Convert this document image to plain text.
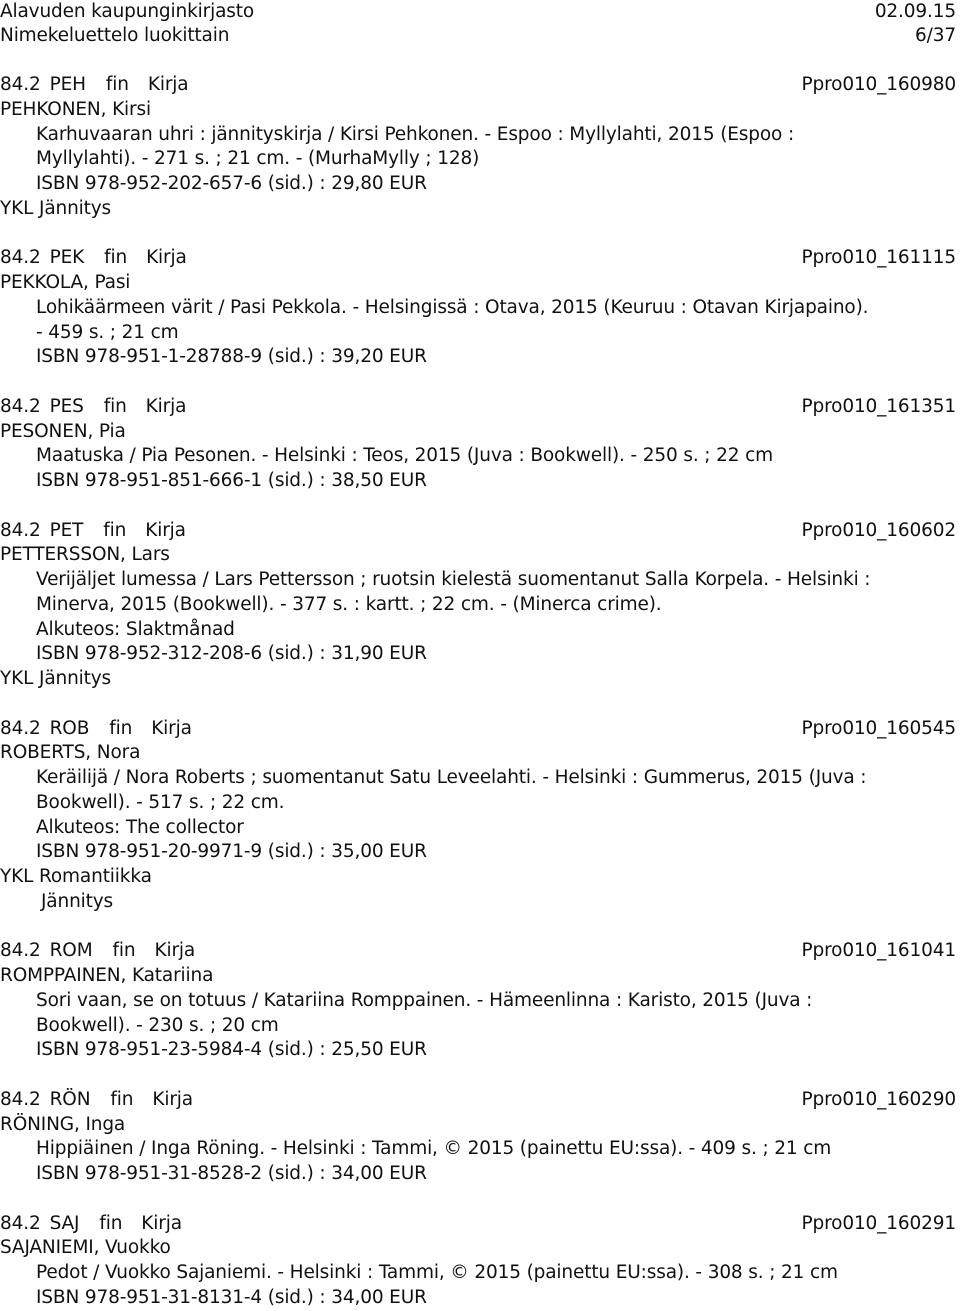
Alavuden kaupunginkirjasto	02.09.15
Nimekeluettelo luokittain	6/37
84.2 PEH fin Kirja	Ppro010_160980
PEHKONEN, Kirsi
Karhuvaaran uhri : jännityskirja / Kirsi Pehkonen. - Espoo : Myllylahti, 2015 (Espoo :
Myllylahti). - 271 s. ; 21 cm. - (MurhaMylly ; 128)
ISBN 978-952-202-657-6 (sid.) : 29,80 EUR
YKL Jännitys
84.2 PEK fin Kirja	Ppro010_161115
PEKKOLA, Pasi
Lohikäärmeen värit / Pasi Pekkola. - Helsingissä : Otava, 2015 (Keuruu : Otavan Kirjapaino).
- 459 s. ; 21 cm
ISBN 978-951-1-28788-9 (sid.) : 39,20 EUR
84.2 PES fin Kirja	Ppro010_161351
PESONEN, Pia
Maatuska / Pia Pesonen. - Helsinki : Teos, 2015 (Juva : Bookwell). - 250 s. ; 22 cm
ISBN 978-951-851-666-1 (sid.) : 38,50 EUR
84.2 PET fin Kirja	Ppro010_160602
PETTERSSON, Lars
Verijäljet lumessa / Lars Pettersson ; ruotsin kielestä suomentanut Salla Korpela. - Helsinki :
Minerva, 2015 (Bookwell). - 377 s. : kartt. ; 22 cm. - (Minerca crime).
Alkuteos: Slaktmånad
ISBN 978-952-312-208-6 (sid.) : 31,90 EUR
YKL Jännitys
84.2 ROB fin Kirja	Ppro010_160545
ROBERTS, Nora
Keräilijä / Nora Roberts ; suomentanut Satu Leveelahti. - Helsinki : Gummerus, 2015 (Juva :
Bookwell). - 517 s. ; 22 cm.
Alkuteos: The collector
ISBN 978-951-20-9971-9 (sid.) : 35,00 EUR
YKL Romantiikka
Jännitys
84.2 ROM fin Kirja	Ppro010_161041
ROMPPAINEN, Katariina
Sori vaan, se on totuus / Katariina Romppainen. - Hämeenlinna : Karisto, 2015 (Juva :
Bookwell). - 230 s. ; 20 cm
ISBN 978-951-23-5984-4 (sid.) : 25,50 EUR
84.2 RÖN fin Kirja	Ppro010_160290
RÖNING, Inga
Hippiäinen / Inga Röning. - Helsinki : Tammi, © 2015 (painettu EU:ssa). - 409 s. ; 21 cm
ISBN 978-951-31-8528-2 (sid.) : 34,00 EUR
84.2 SAJ fin Kirja	Ppro010_160291
SAJANIEMI, Vuokko
Pedot / Vuokko Sajaniemi. - Helsinki : Tammi, © 2015 (painettu EU:ssa). - 308 s. ; 21 cm
ISBN 978-951-31-8131-4 (sid.) : 34,00 EUR
